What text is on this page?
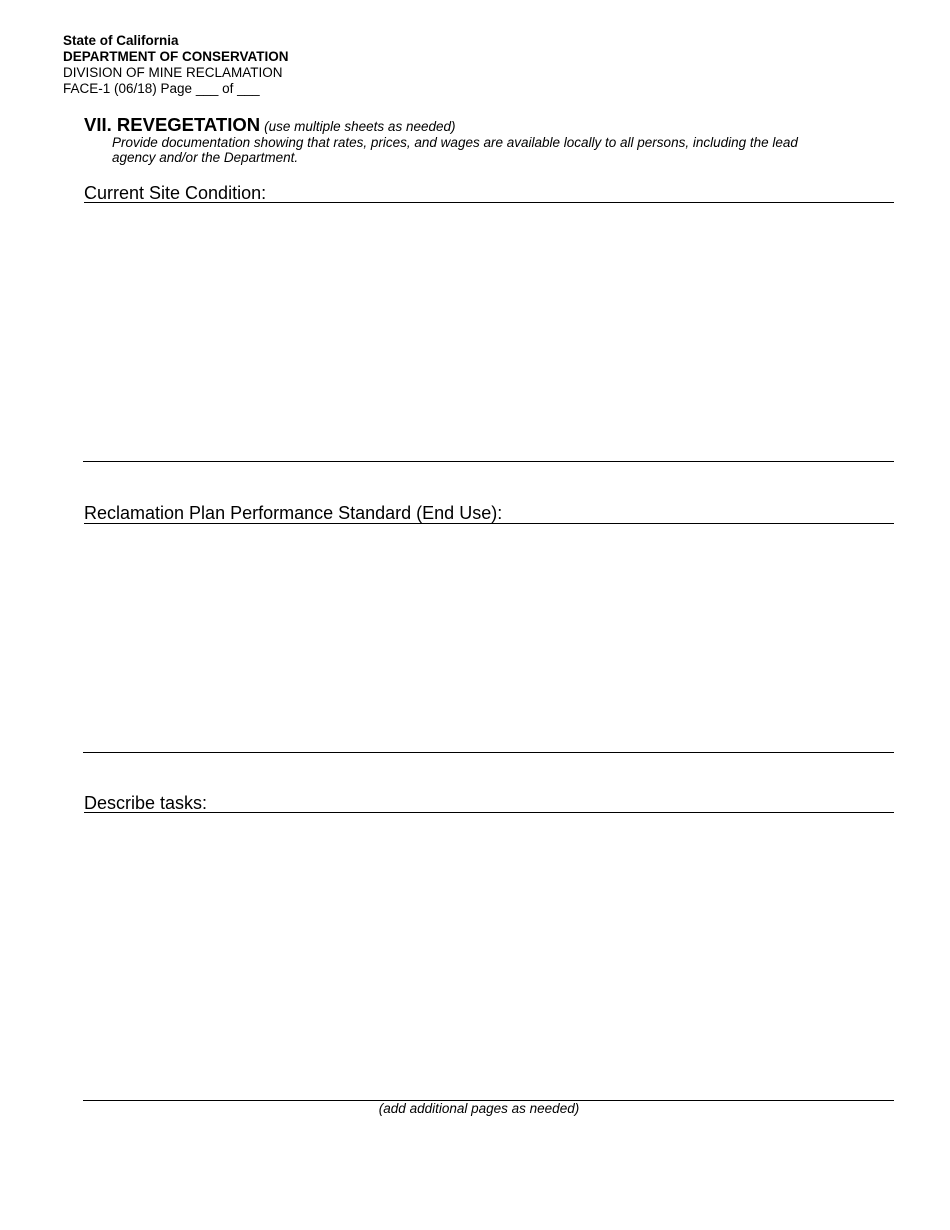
State of California
DEPARTMENT OF CONSERVATION
DIVISION OF MINE RECLAMATION
FACE-1 (06/18) Page ___ of ___
VII. REVEGETATION (use multiple sheets as needed)
Provide documentation showing that rates, prices, and wages are available locally to all persons, including the lead agency and/or the Department.
Current Site Condition:
Reclamation Plan Performance Standard (End Use):
Describe tasks:
(add additional pages as needed)
